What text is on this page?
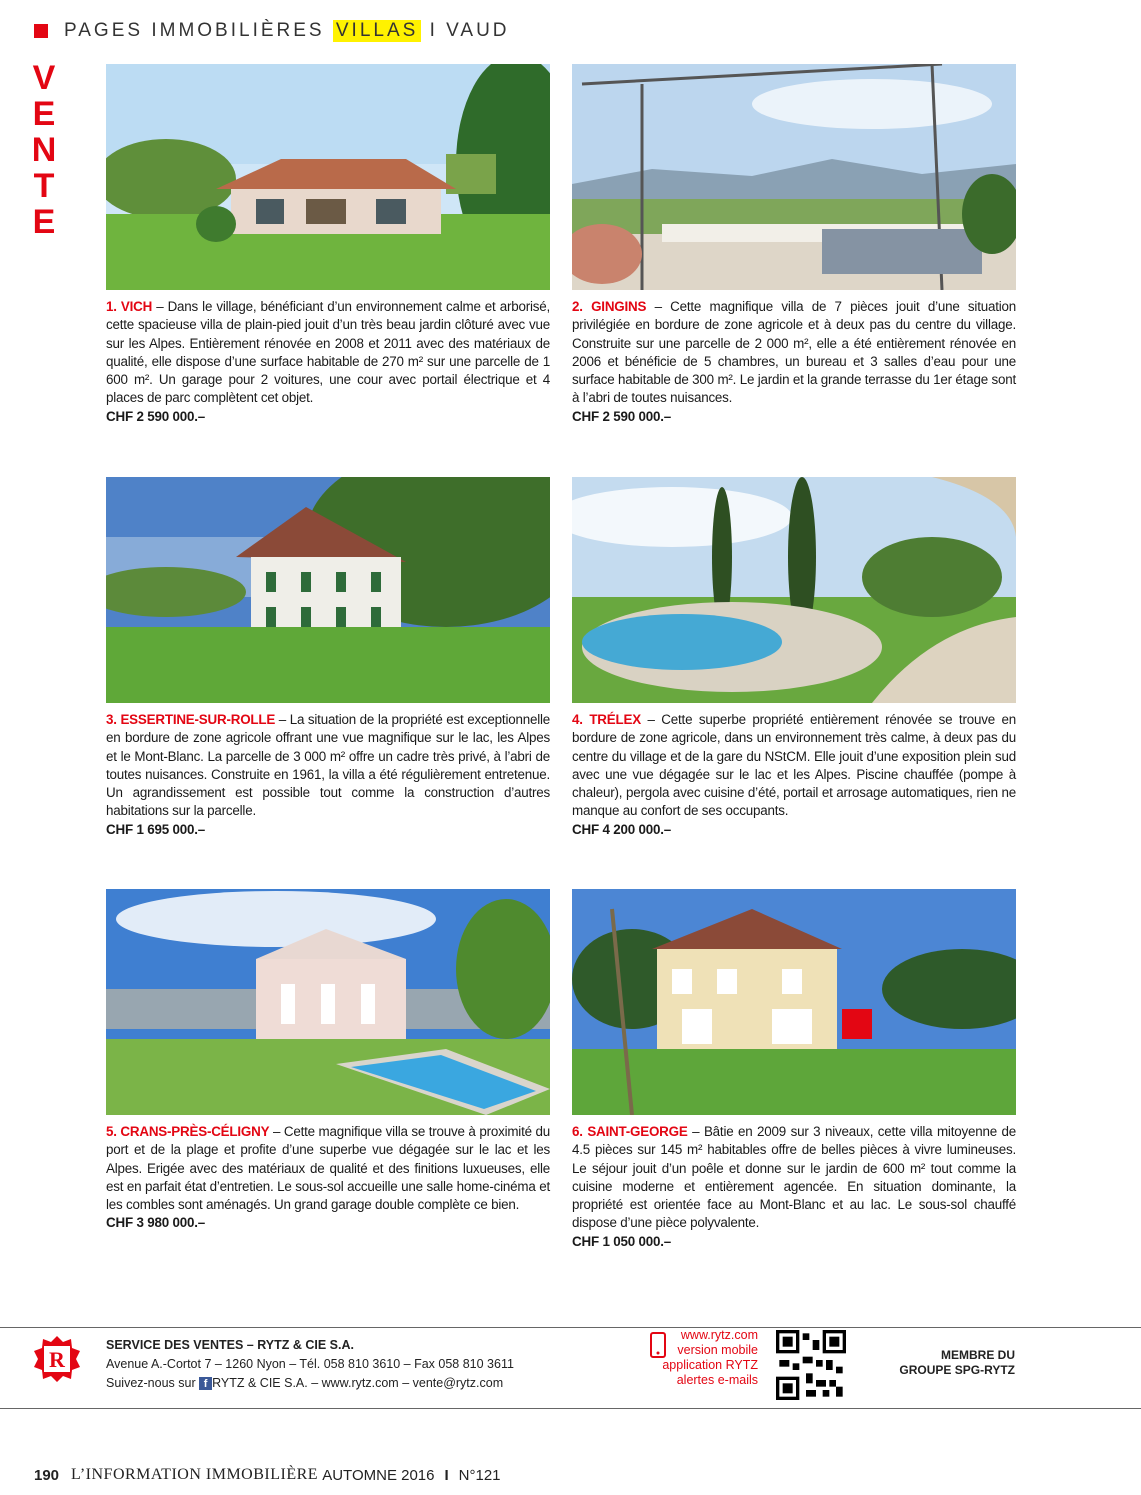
PAGES IMMOBILIÈRES
VILLAS
I VAUD
V
E
N
T
E
1. VICH – Dans le village, bénéficiant d’un environnement calme et arborisé, cette spacieuse villa de plain-pied jouit d’un très beau jardin clôturé avec vue sur les Alpes. Entièrement rénovée en 2008 et 2011 avec des matériaux de qualité, elle dispose d’une surface habitable de 270 m² sur une parcelle de 1 600 m². Un garage pour 2 voitures, une cour avec portail électrique et 4 places de parc complètent cet objet.
CHF 2 590 000.–
2. GINGINS – Cette magnifique villa de 7 pièces jouit d’une situation privilégiée en bordure de zone agricole et à deux pas du centre du village. Construite sur une parcelle de 2 000 m², elle a été entièrement rénovée en 2006 et bénéficie de 5 chambres, un bureau et 3 salles d’eau pour une surface habitable de 300 m². Le jardin et la grande terrasse du 1er étage sont à l’abri de toutes nuisances.
CHF 2 590 000.–
3. ESSERTINE-SUR-ROLLE – La situation de la propriété est exceptionnelle en bordure de zone agricole offrant une vue magnifique sur le lac, les Alpes et le Mont-Blanc. La parcelle de 3 000 m² offre un cadre très privé, à l’abri de toutes nuisances. Construite en 1961, la villa a été régulièrement entretenue. Un agrandissement est possible tout comme la construction d’autres habitations sur la parcelle.
CHF 1 695 000.–
4. TRÉLEX – Cette superbe propriété entièrement rénovée se trouve en bordure de zone agricole, dans un environnement très calme, à deux pas du centre du village et de la gare du NStCM. Elle jouit d’une exposition plein sud avec une vue dégagée sur le lac et les Alpes. Piscine chauffée (pompe à chaleur), pergola avec cuisine d’été, portail et arrosage automatiques, rien ne manque au confort de ses occupants.
CHF 4 200 000.–
5. CRANS-PRÈS-CÉLIGNY – Cette magnifique villa se trouve à proximité du port et de la plage et profite d’une superbe vue dégagée sur le lac et les Alpes. Erigée avec des matériaux de qualité et des finitions luxueuses, elle est en parfait état d’entretien. Le sous-sol accueille une salle home-cinéma et les combles sont aménagés. Un grand garage double complète ce bien.
CHF 3 980 000.–
6. SAINT-GEORGE – Bâtie en 2009 sur 3 niveaux, cette villa mitoyenne de 4.5 pièces sur 145 m² habitables offre de belles pièces à vivre lumineuses. Le séjour jouit d’un poêle et donne sur le jardin de 600 m² tout comme la cuisine moderne et entièrement agencée. En situation dominante, la propriété est orientée face au Mont-Blanc et au lac. Le sous-sol chauffé dispose d’une pièce polyvalente.
CHF 1 050 000.–
R
SERVICE DES VENTES – RYTZ & CIE S.A.
Avenue A.-Cortot 7 – 1260 Nyon – Tél. 058 810 3610 – Fax 058 810 3611
Suivez-nous sur f RYTZ & CIE S.A. – www.rytz.com – vente@rytz.com
www.rytz.com
version mobile
application RYTZ
alertes e-mails
MEMBRE DU
GROUPE SPG-RYTZ
190 L’INFORMATION IMMOBILIÈRE
AUTOMNE 2016 I N°121
